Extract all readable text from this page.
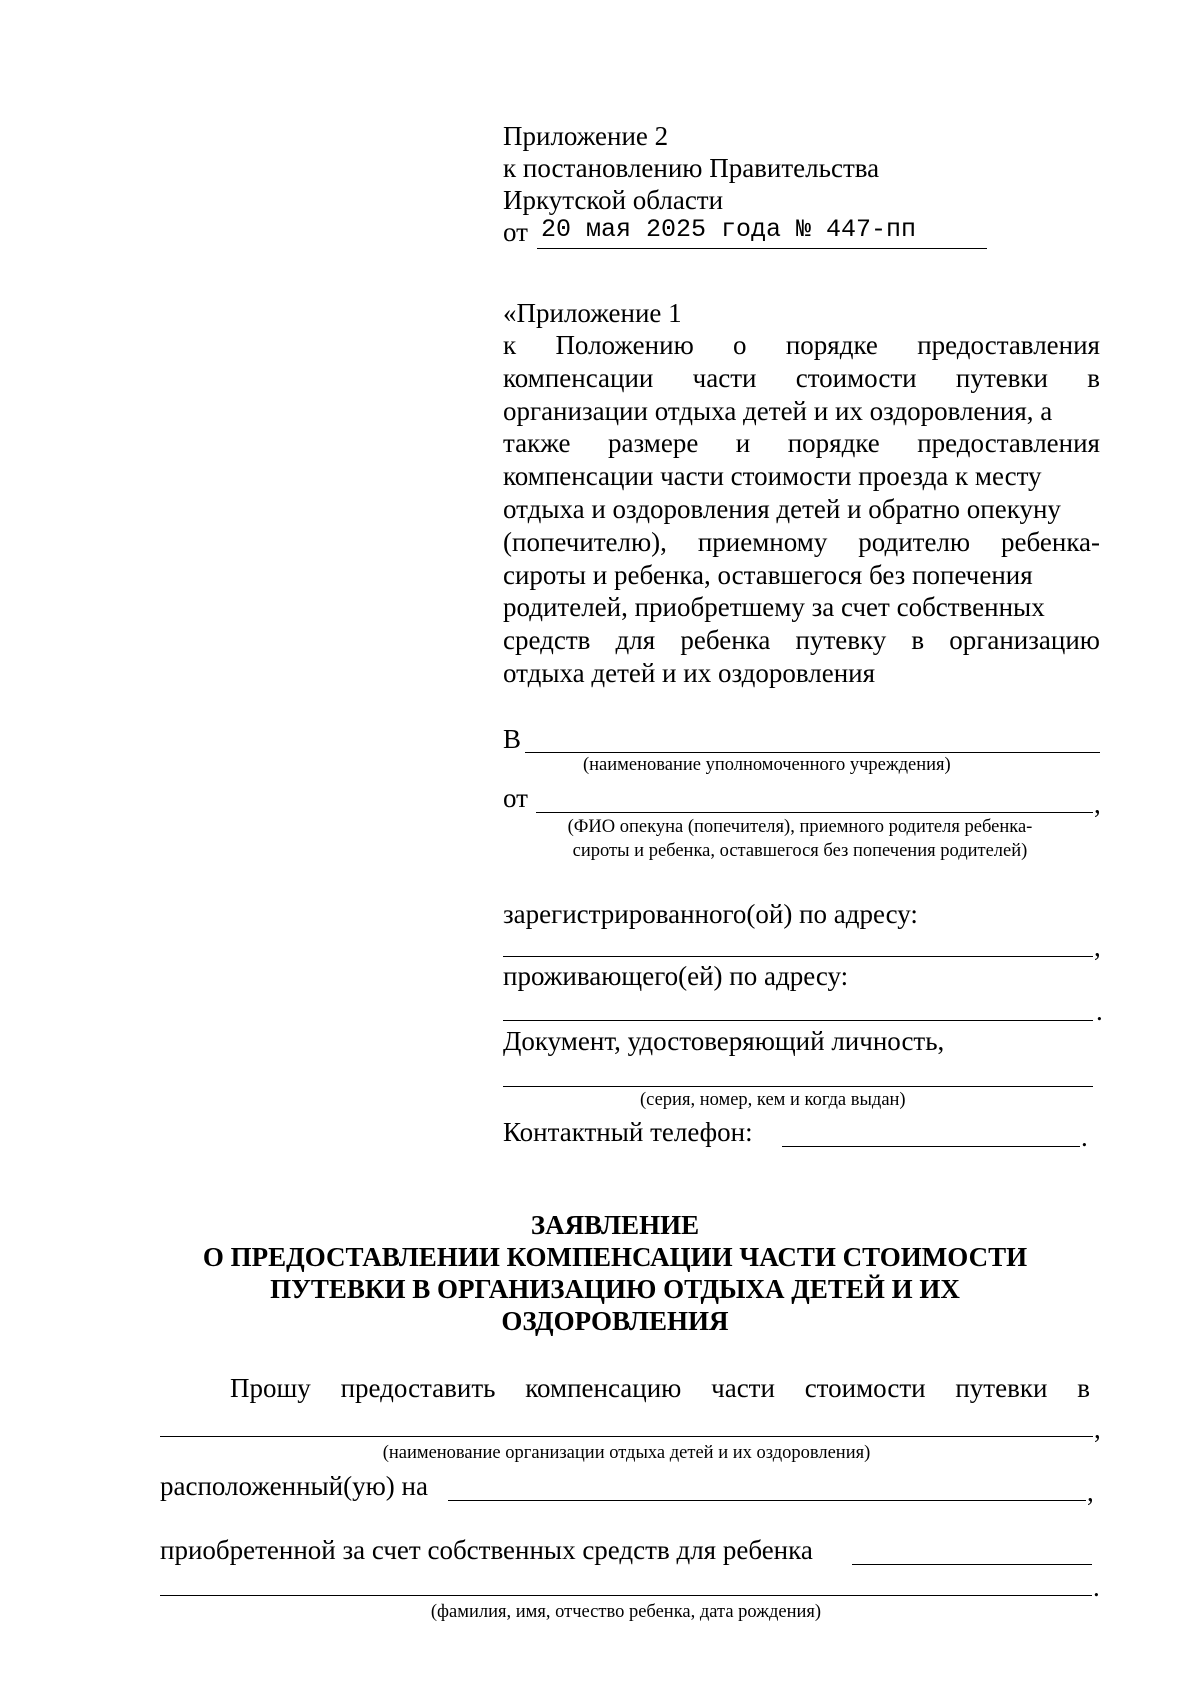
Приложение 2
к постановлению Правительства
Иркутской области
от 20 мая 2025 года № 447-пп
«Приложение 1
к Положению о порядке предоставления
компенсации части стоимости путевки в
организации отдыха детей и их оздоровления, а
также размере и порядке предоставления
компенсации части стоимости проезда к месту
отдыха и оздоровления детей и обратно опекуну
(попечителю), приемному родителю ребенка-
сироты и ребенка, оставшегося без попечения
родителей, приобретшему за счет собственных
средств для ребенка путевку в организацию
отдыха детей и их оздоровления
В
(наименование уполномоченного учреждения)
от	,
(ФИО опекуна (попечителя), приемного родителя ребенка-
сироты и ребенка, оставшегося без попечения родителей)
зарегистрированного(ой) по адресу:
,
проживающего(ей) по адресу:
.
Документ, удостоверяющий личность,
(серия, номер, кем и когда выдан)
Контактный телефон:	.
ЗАЯВЛЕНИЕ
О ПРЕДОСТАВЛЕНИИ КОМПЕНСАЦИИ ЧАСТИ СТОИМОСТИ
ПУТЕВКИ В ОРГАНИЗАЦИЮ ОТДЫХА ДЕТЕЙ И ИХ
ОЗДОРОВЛЕНИЯ
Прошу предоставить компенсацию части стоимости путевки в
,
(наименование организации отдыха детей и их оздоровления)
расположенный(ую) на	,
приобретенной за счет собственных средств для ребенка
.
(фамилия, имя, отчество ребенка, дата рождения)
